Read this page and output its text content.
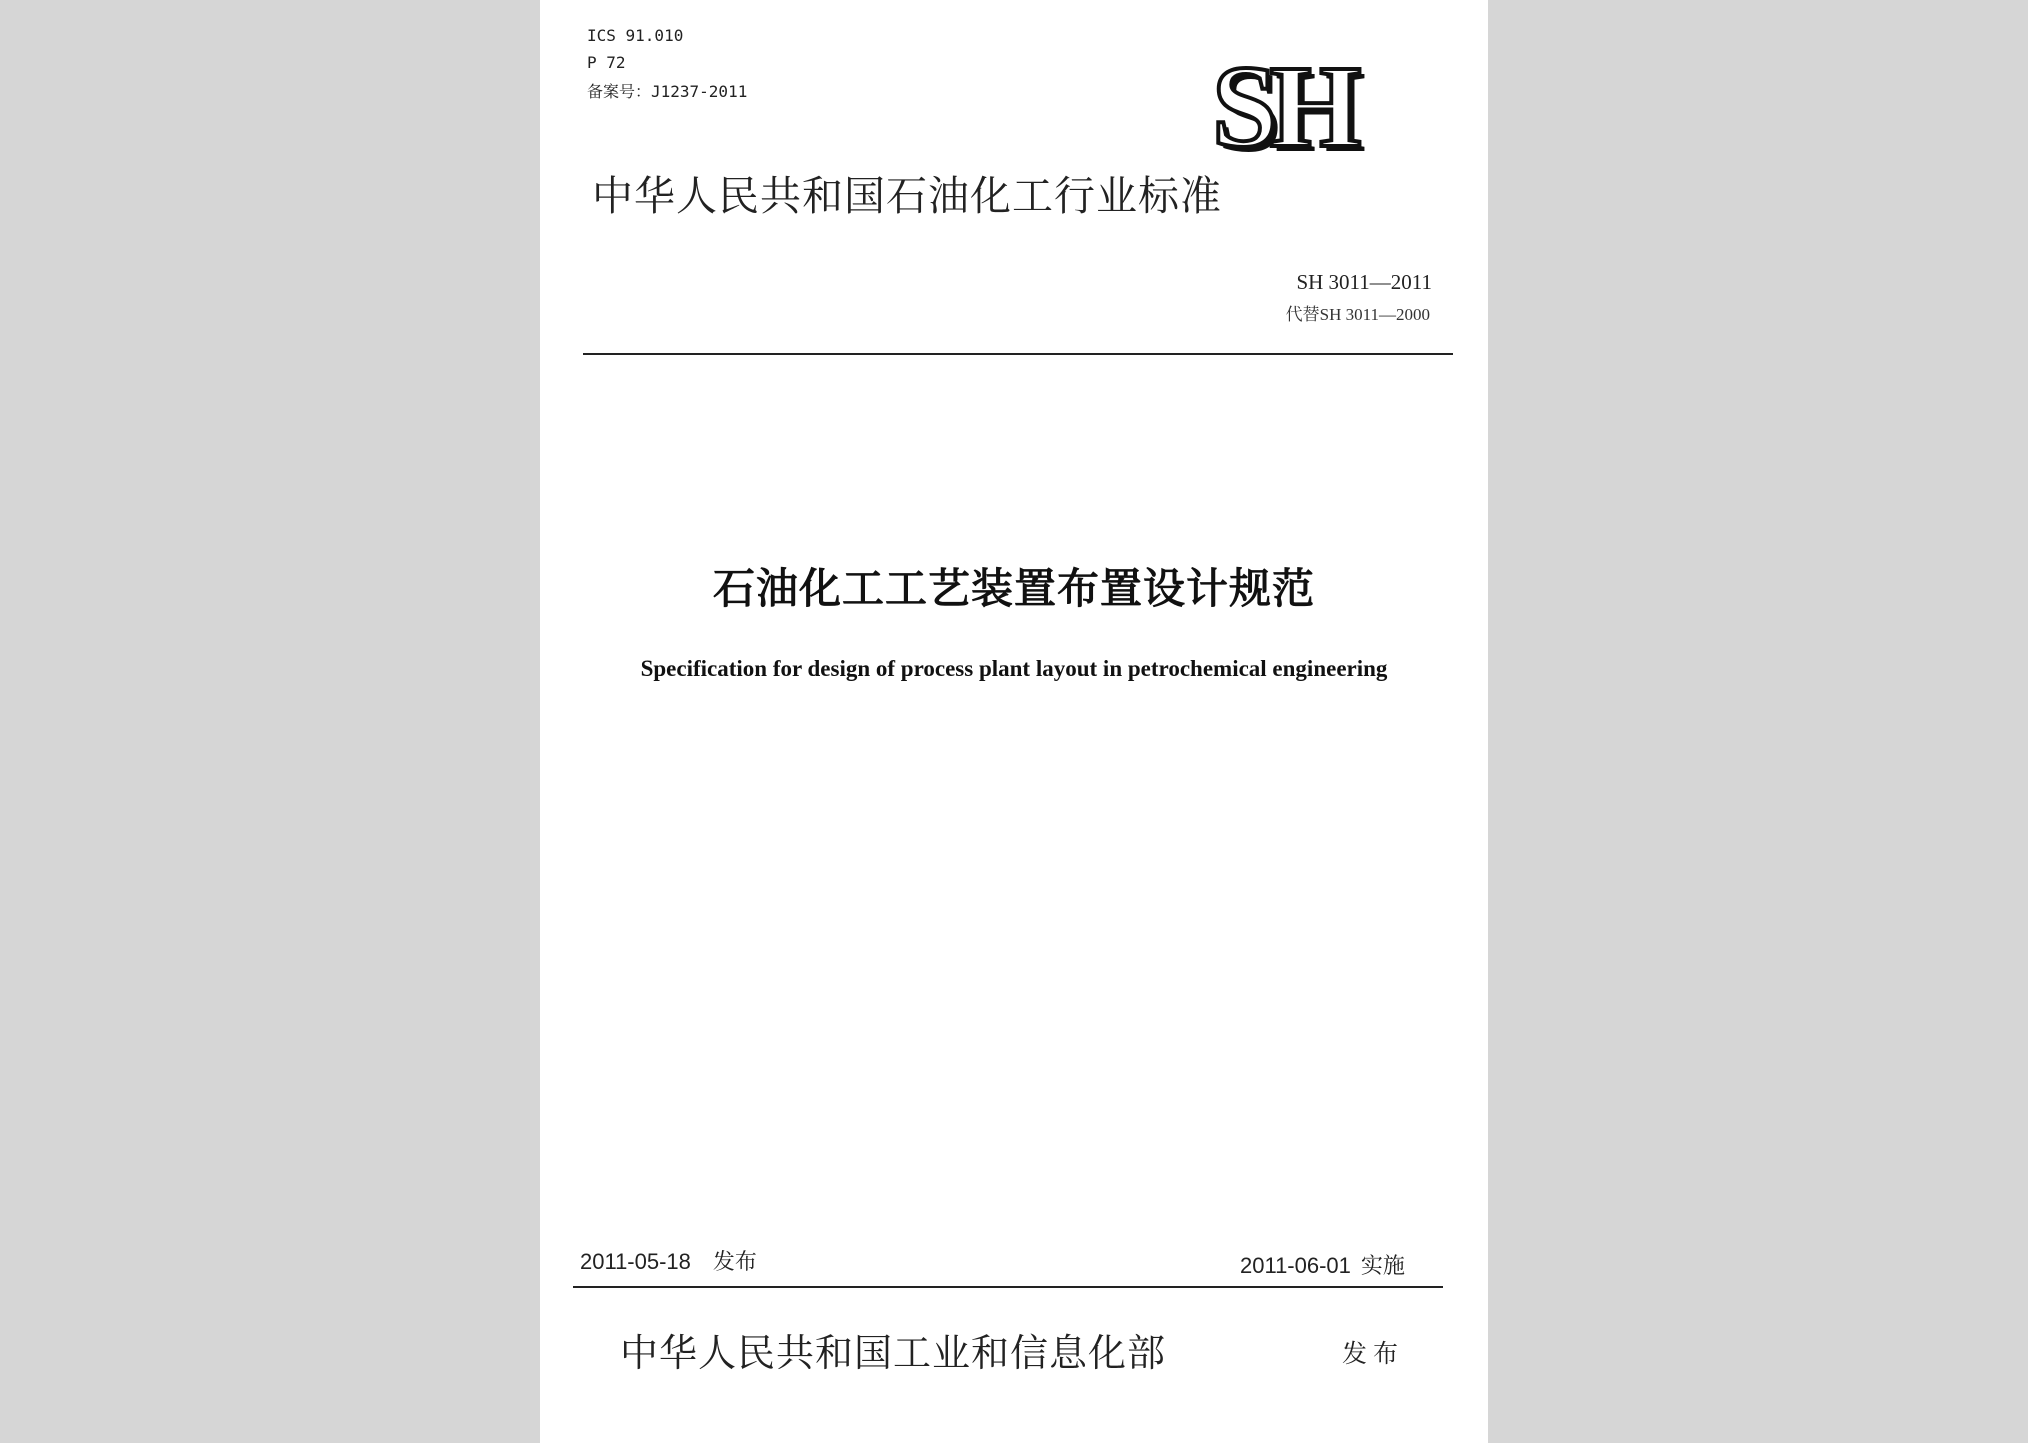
ICS 91.010
P 72
备案号：J1237-2011	SH
中华人民共和国石油化工行业标准
SH 3011—2011
代替SH 3011—2000
石油化工工艺装置布置设计规范
Specification for design of process plant layout in petrochemical engineering
2011-05-18 发布	2011-06-01 实施
中华人民共和国工业和信息化部	发布
